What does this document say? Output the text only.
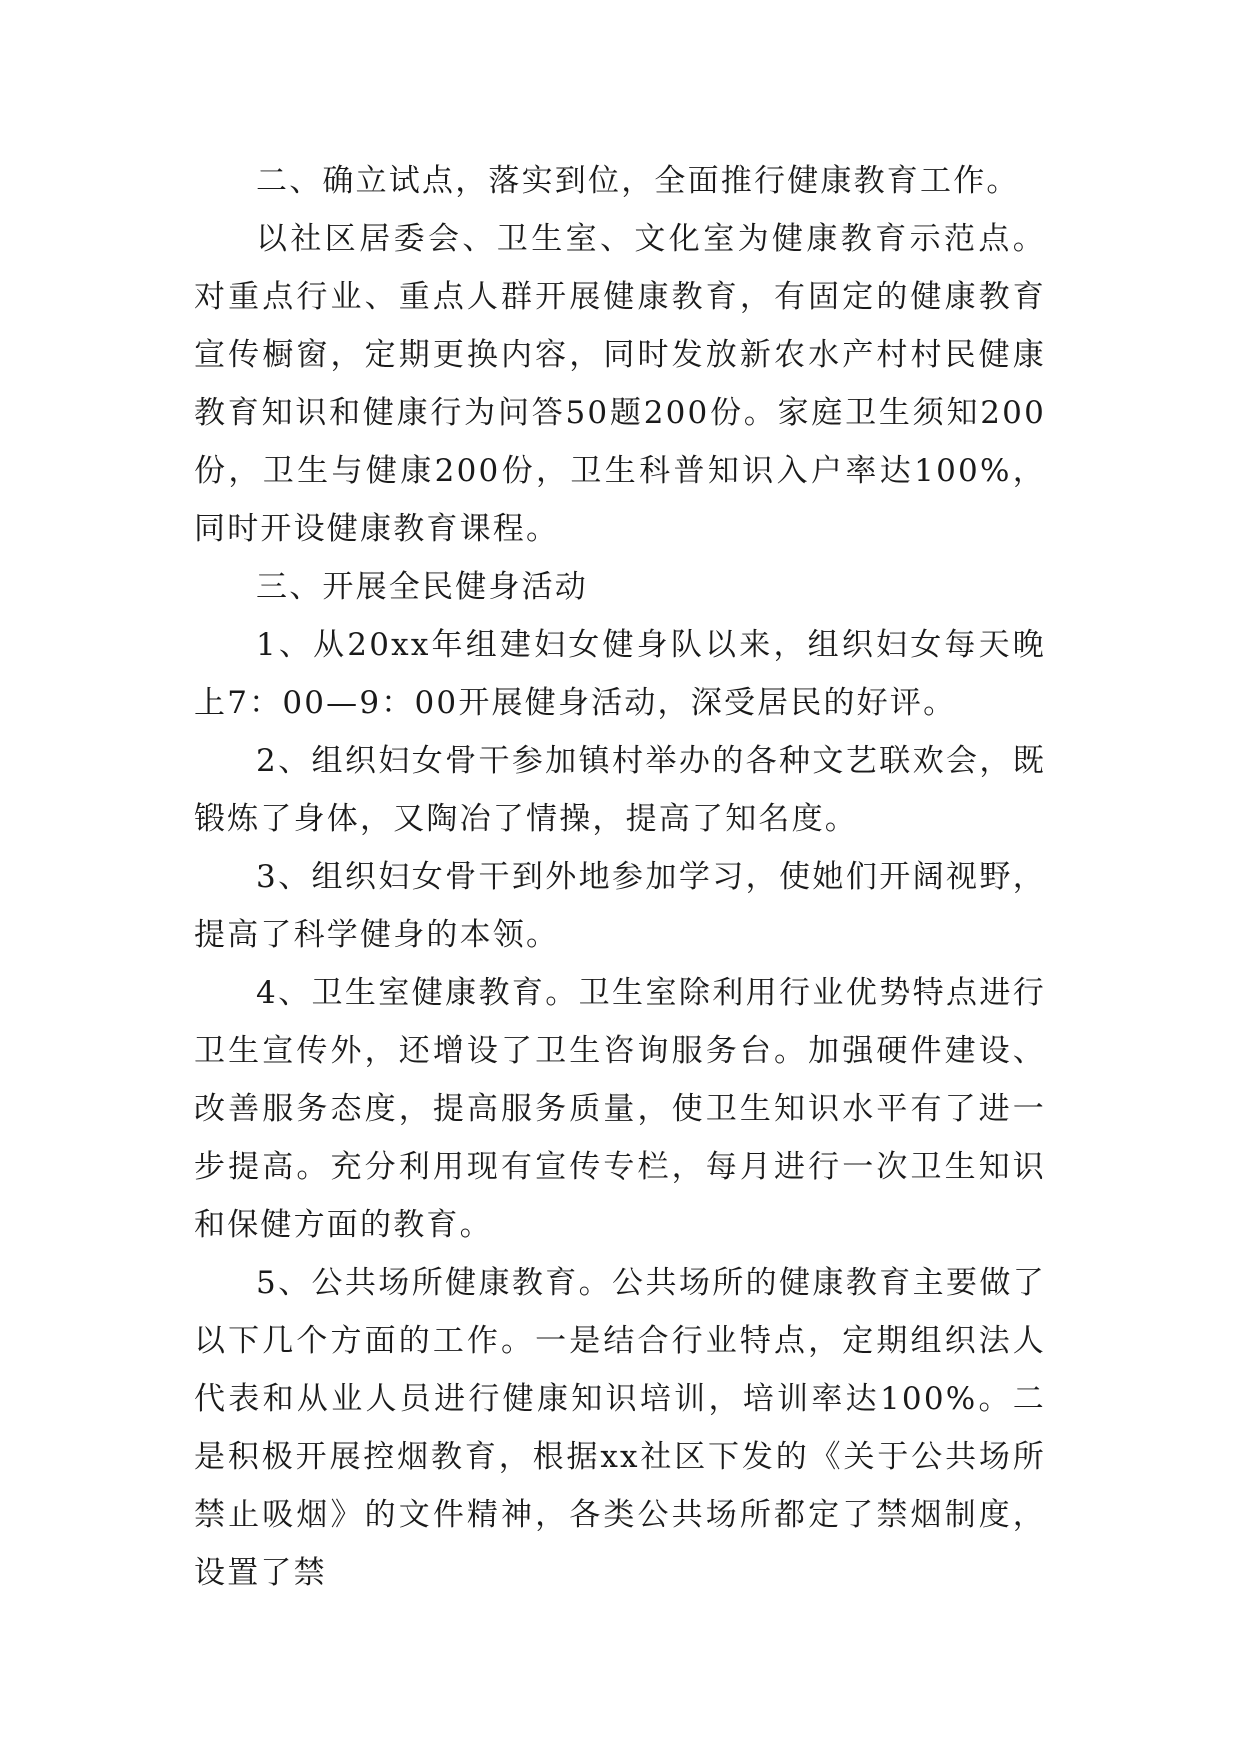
二、确立试点，落实到位，全面推行健康教育工作。

以社区居委会、卫生室、文化室为健康教育示范点。对重点行业、重点人群开展健康教育，有固定的健康教育宣传橱窗，定期更换内容，同时发放新农水产村村民健康教育知识和健康行为问答50题200份。家庭卫生须知200份，卫生与健康200份，卫生科普知识入户率达100%，同时开设健康教育课程。

三、开展全民健身活动

1、从20xx年组建妇女健身队以来，组织妇女每天晚上7：00—9：00开展健身活动，深受居民的好评。

2、组织妇女骨干参加镇村举办的各种文艺联欢会，既锻炼了身体，又陶冶了情操，提高了知名度。

3、组织妇女骨干到外地参加学习，使她们开阔视野，提高了科学健身的本领。

4、卫生室健康教育。卫生室除利用行业优势特点进行卫生宣传外，还增设了卫生咨询服务台。加强硬件建设、改善服务态度，提高服务质量，使卫生知识水平有了进一步提高。充分利用现有宣传专栏，每月进行一次卫生知识和保健方面的教育。

5、公共场所健康教育。公共场所的健康教育主要做了以下几个方面的工作。一是结合行业特点，定期组织法人代表和从业人员进行健康知识培训，培训率达100%。二是积极开展控烟教育，根据xx社区下发的《关于公共场所禁止吸烟》的文件精神，各类公共场所都定了禁烟制度，设置了禁
